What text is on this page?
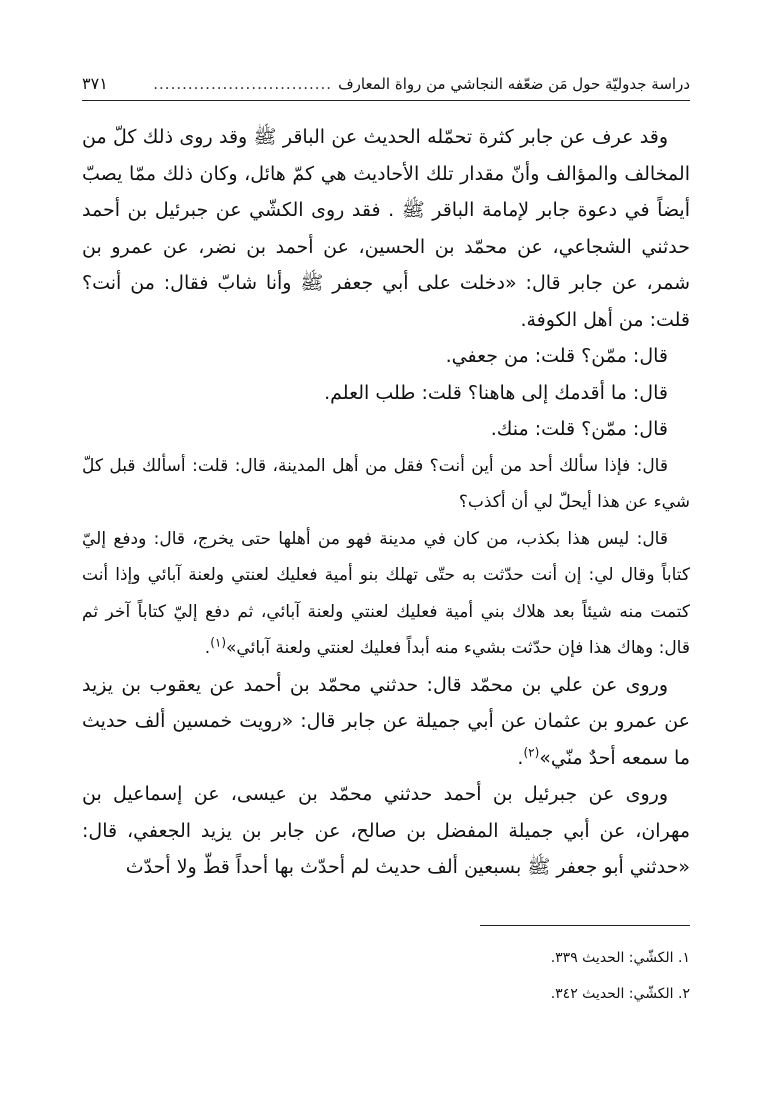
دراسة جدوليّة حول مَن ضعّفه النجاشي من رواة المعارف
...............................
٣٧١

وقد عرف عن جابر كثرة تحمّله الحديث عن الباقر ﷺ وقد روى ذلك كلّ من المخالف والمؤالف وأنّ مقدار تلك الأحاديث هي كمّ هائل، وكان ذلك ممّا يصبّ أيضاً في دعوة جابر لإمامة الباقر ﷺ . فقد روى الكشّي عن جبرئيل بن أحمد حدثني الشجاعي، عن محمّد بن الحسين، عن أحمد بن نضر، عن عمرو بن شمر، عن جابر قال: «دخلت على أبي جعفر ﷺ وأنا شابّ فقال: من أنت؟ قلت: من أهل الكوفة.

قال: ممّن؟ قلت: من جعفي.

قال: ما أقدمك إلى هاهنا؟ قلت: طلب العلم.

قال: ممّن؟ قلت: منك.

قال: فإذا سألك أحد من أين أنت؟ فقل من أهل المدينة، قال: قلت: أسألك قبل كلّ شيء عن هذا أيحلّ لي أن أكذب؟

قال: ليس هذا بكذب، من كان في مدينة فهو من أهلها حتى يخرج، قال: ودفع إليّ كتاباً وقال لي: إن أنت حدّثت به حتّى تهلك بنو أمية فعليك لعنتي ولعنة آبائي وإذا أنت كتمت منه شيئاً بعد هلاك بني أمية فعليك لعنتي ولعنة آبائي، ثم دفع إليّ كتاباً آخر ثم قال: وهاك هذا فإن حدّثت بشيء منه أبداً فعليك لعنتي ولعنة آبائي»$^{(١)}$.

وروى عن علي بن محمّد قال: حدثني محمّد بن أحمد عن يعقوب بن يزيد عن عمرو بن عثمان عن أبي جميلة عن جابر قال: «رويت خمسين ألف حديث ما سمعه أحدٌ منّي»$^{(٢)}$.

وروى عن جبرئيل بن أحمد حدثني محمّد بن عيسى، عن إسماعيل بن مهران، عن أبي جميلة المفضل بن صالح، عن جابر بن يزيد الجعفي، قال: «حدثني أبو جعفر ﷺ بسبعين ألف حديث لم أحدّث بها أحداً قطّ ولا أحدّث

١. الكشّي: الحديث ٣٣٩.
٢. الكشّي: الحديث ٣٤٢.
